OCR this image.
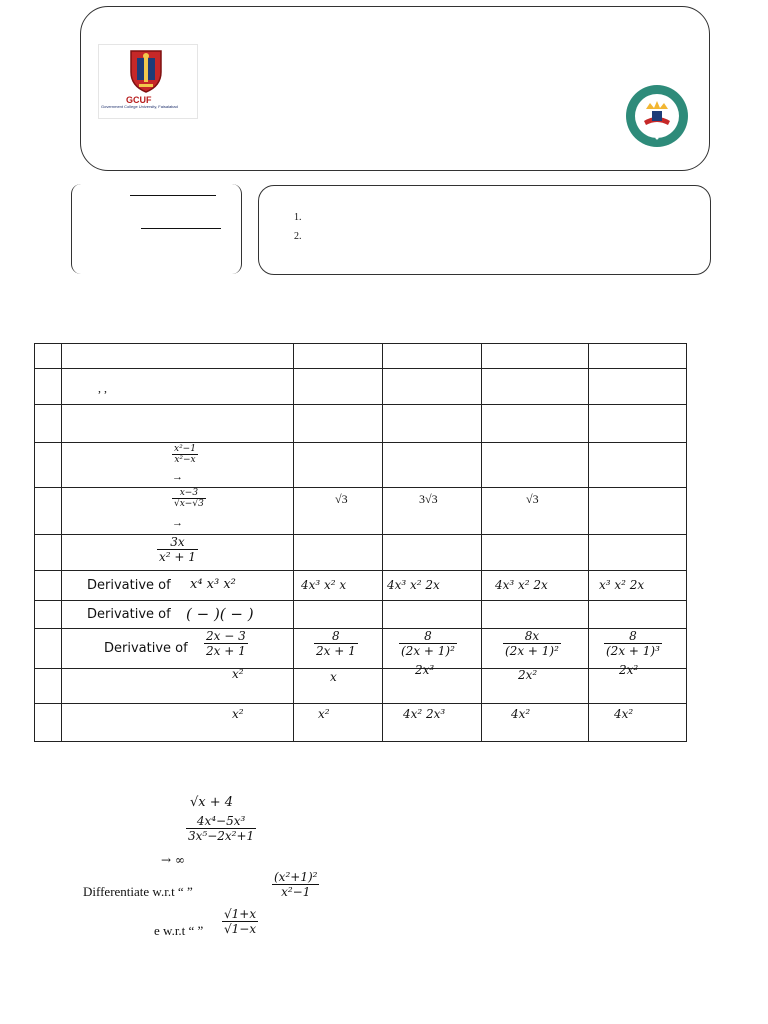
GCUF
Government College University, Faisalabad
1.
2.

	, ,				

	$\frac{\text{x²−1}}{\text{x²−x}}$
→				

	$\frac{x-3}{√x-√3}$
→	√3	3√3	√3	

	$\frac{3x}{\text{x² + 1}}$

	Derivative of x⁴ x³ x²	4x³ x² x	4x³ x² 2x	4x³ x² 2x	x³ x² 2x

	Derivative of ( − )( − )				

	Derivative of $\frac{2x - 3}{2x + 1}$	$\frac{8}{2x + 1}$	$\frac{8}{\text{(2x + 1)²}}$	$\frac{8x}{\text{(2x + 1)²}}$	$\frac{8}{\text{(2x + 1)³}}$

	x²	x	2x³	2x²	2x²

	x²	x²	4x² 2x³	4x²	4x²
√x + 4
$\frac{\text{4x⁴−5x³}}{\text{3x⁵−2x²+1}}$
→ ∞
Differentiate w.r.t “ ”	$\frac{\text{(x²+1)²}}{\text{x²−1}}$
e w.r.t “ ” $\frac{√1+x}{√1-x}$
